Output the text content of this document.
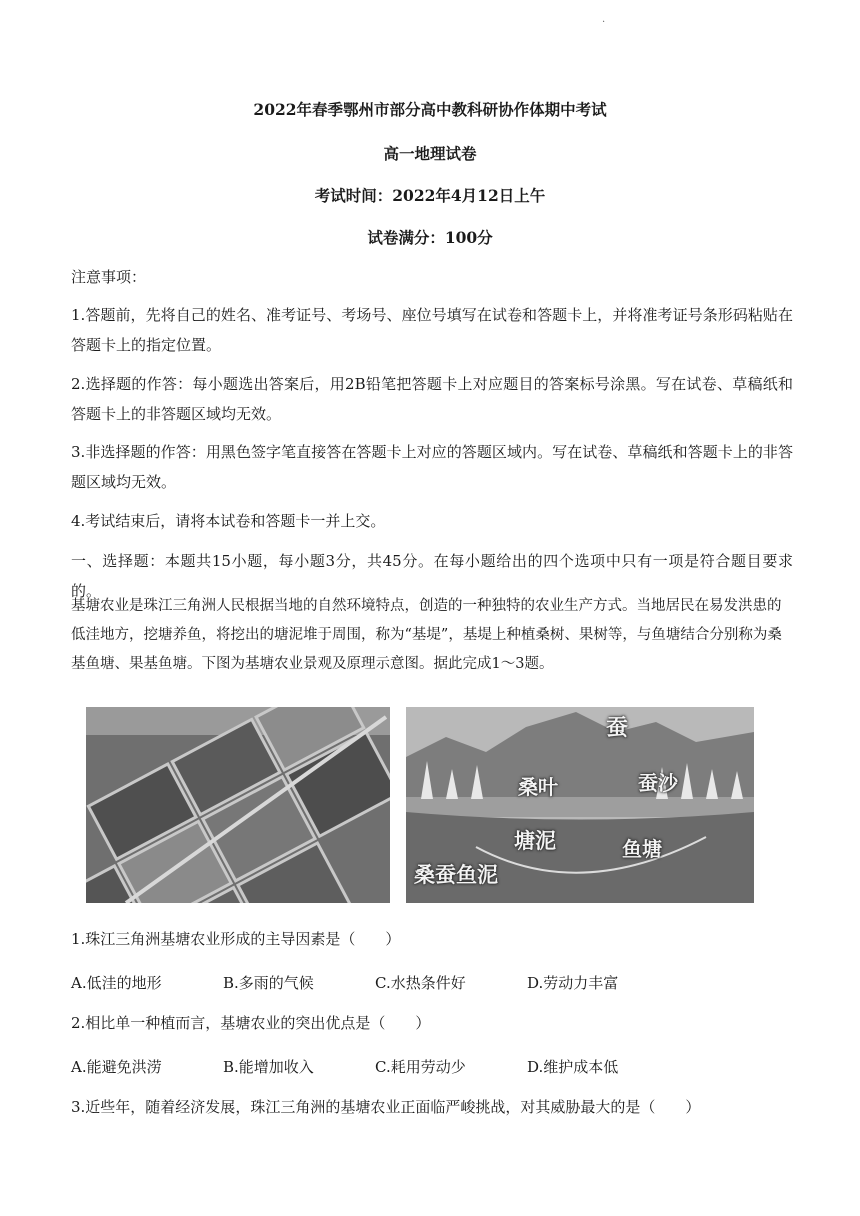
.
2022年春季鄂州市部分高中教科研协作体期中考试
高一地理试卷
考试时间：2022年4月12日上午
试卷满分：100分
注意事项：
1.答题前，先将自己的姓名、准考证号、考场号、座位号填写在试卷和答题卡上，并将准考证号条形码粘贴在答题卡上的指定位置。
2.选择题的作答：每小题选出答案后，用2B铅笔把答题卡上对应题目的答案标号涂黑。写在试卷、草稿纸和答题卡上的非答题区域均无效。
3.非选择题的作答：用黑色签字笔直接答在答题卡上对应的答题区域内。写在试卷、草稿纸和答题卡上的非答题区域均无效。
4.考试结束后，请将本试卷和答题卡一并上交。
一、选择题：本题共15小题，每小题3分，共45分。在每小题给出的四个选项中只有一项是符合题目要求的。
基塘农业是珠江三角洲人民根据当地的自然环境特点，创造的一种独特的农业生产方式。当地居民在易发洪患的低洼地方，挖塘养鱼，将挖出的塘泥堆于周围，称为“基堤”，基堤上种植桑树、果树等，与鱼塘结合分别称为桑基鱼塘、果基鱼塘。下图为基塘农业景观及原理示意图。据此完成1～3题。
蚕
桑叶	蚕沙
塘泥	鱼塘
桑蚕鱼泥
1.珠江三角洲基塘农业形成的主导因素是（　　）
A.低洼的地形	B.多雨的气候	C.水热条件好	D.劳动力丰富
2.相比单一种植而言，基塘农业的突出优点是（　　）
A.能避免洪涝	B.能增加收入	C.耗用劳动少	D.维护成本低
3.近些年，随着经济发展，珠江三角洲的基塘农业正面临严峻挑战，对其威胁最大的是（　　）
